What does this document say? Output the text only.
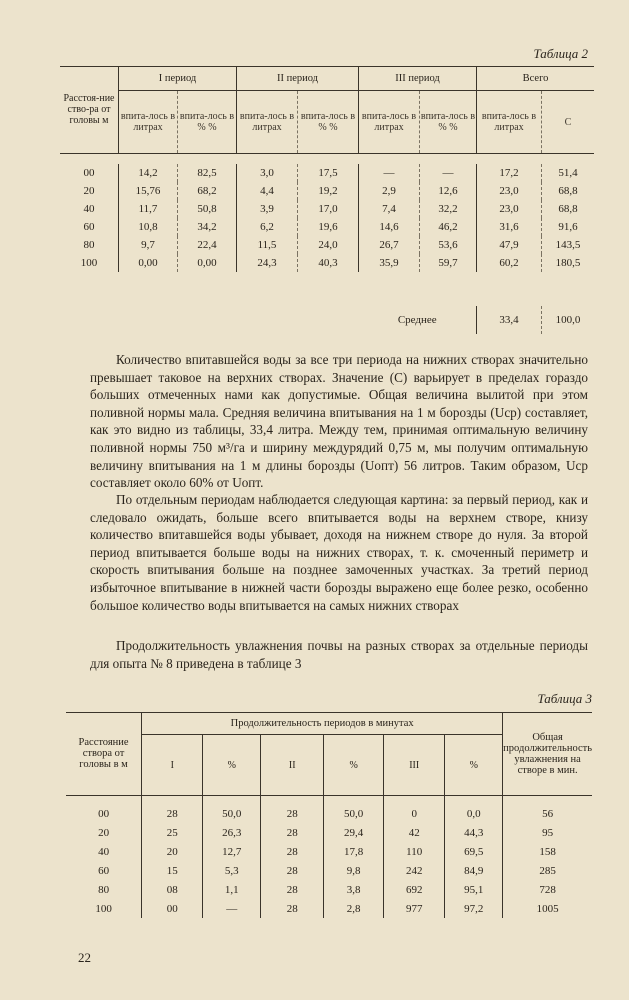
Таблица 2
Расстоя-ние ство-ра от головы м	I период		II период		III период		Всего	
	впита-лось в литрах	впита-лось в % %	впита-лось в литрах	впита-лось в % %	впита-лось в литрах	впита-лось в % %	впита-лось в литрах	С

00	14,2	82,5	3,0	17,5	—	—	17,2	51,4
20	15,76	68,2	4,4	19,2	2,9	12,6	23,0	68,8
40	11,7	50,8	3,9	17,0	7,4	32,2	23,0	68,8
60	10,8	34,2	6,2	19,6	14,6	46,2	31,6	91,6
80	9,7	22,4	11,5	24,0	26,7	53,6	47,9	143,5
100	0,00	0,00	24,3	40,3	35,9	59,7	60,2	180,5

					Среднее		33,4	100,0

Количество впитавшейся воды за все три периода на нижних створах значительно превышает таковое на верхних створах. Значение (С) варьирует в пределах гораздо больших отмеченных нами как допустимые. Общая величина вылитой при этом поливной нормы мала. Средняя величина впитывания на 1 м борозды (Uср) составляет, как это видно из таблицы, 33,4 литра. Между тем, принимая оптимальную величину поливной нормы 750 м³/га и ширину междурядий 0,75 м, мы получим оптимальную величину впитывания на 1 м длины борозды (Uопт) 56 литров. Таким образом, Uср составляет около 60% от Uопт.

По отдельным периодам наблюдается следующая картина: за первый период, как и следовало ожидать, больше всего впитывается воды на верхнем створе, книзу количество впитавшейся воды убывает, доходя на нижнем створе до нуля. За второй период впитывается больше воды на нижних створах, т. к. смоченный периметр и скорость впитывания больше на позднее замоченных участках. За третий период избыточное впитывание в нижней части борозды выражено еще более резко, особенно большое количество воды впитывается на самых нижних створах

Продолжительность увлажнения почвы на разных створах за отдельные периоды для опыта № 8 приведена в таблице 3

Таблица 3
Расстояние створа от головы в м	Продолжительность периодов в минутах						Общая продолжительность увлажнения на створе в мин.
	I	%	II	%	III	%	
00	28	50,0	28	50,0	0	0,0	56
20	25	26,3	28	29,4	42	44,3	95
40	20	12,7	28	17,8	110	69,5	158
60	15	5,3	28	9,8	242	84,9	285
80	08	1,1	28	3,8	692	95,1	728
100	00	—	28	2,8	977	97,2	1005
22
